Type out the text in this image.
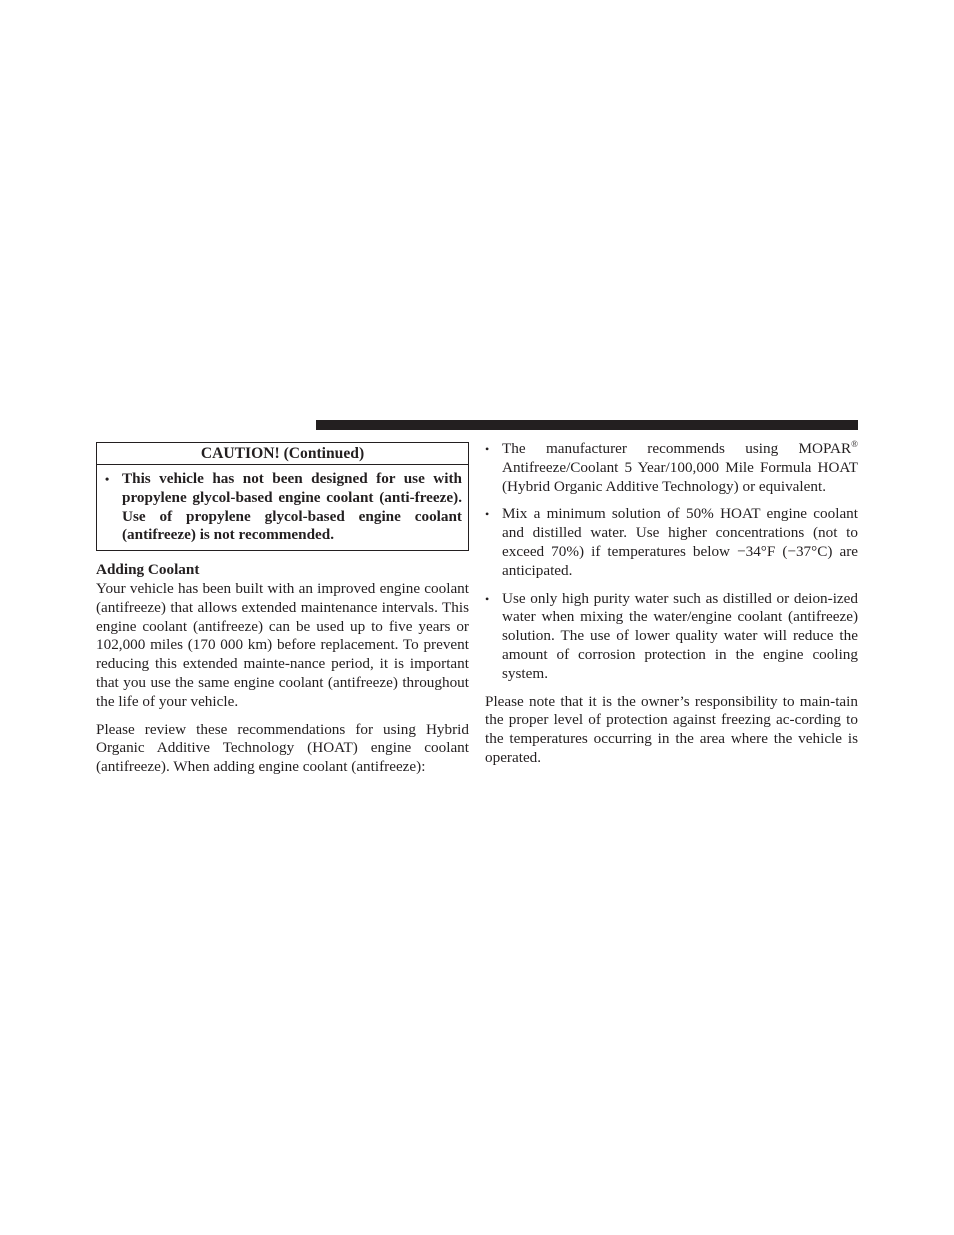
CAUTION! (Continued)
• This vehicle has not been designed for use with propylene glycol-based engine coolant (anti-freeze). Use of propylene glycol-based engine coolant (antifreeze) is not recommended.
Adding Coolant

Your vehicle has been built with an improved engine coolant (antifreeze) that allows extended maintenance intervals. This engine coolant (antifreeze) can be used up to five years or 102,000 miles (170 000 km) before replacement. To prevent reducing this extended mainte-nance period, it is important that you use the same engine coolant (antifreeze) throughout the life of your vehicle.

Please review these recommendations for using Hybrid Organic Additive Technology (HOAT) engine coolant (antifreeze). When adding engine coolant (antifreeze):

• The manufacturer recommends using MOPAR® Antifreeze/Coolant 5 Year/100,000 Mile Formula HOAT (Hybrid Organic Additive Technology) or equivalent.
• Mix a minimum solution of 50% HOAT engine coolant and distilled water. Use higher concentrations (not to exceed 70%) if temperatures below −34°F (−37°C) are anticipated.
• Use only high purity water such as distilled or deion-ized water when mixing the water/engine coolant (antifreeze) solution. The use of lower quality water will reduce the amount of corrosion protection in the engine cooling system.

Please note that it is the owner’s responsibility to main-tain the proper level of protection against freezing ac-cording to the temperatures occurring in the area where the vehicle is operated.
